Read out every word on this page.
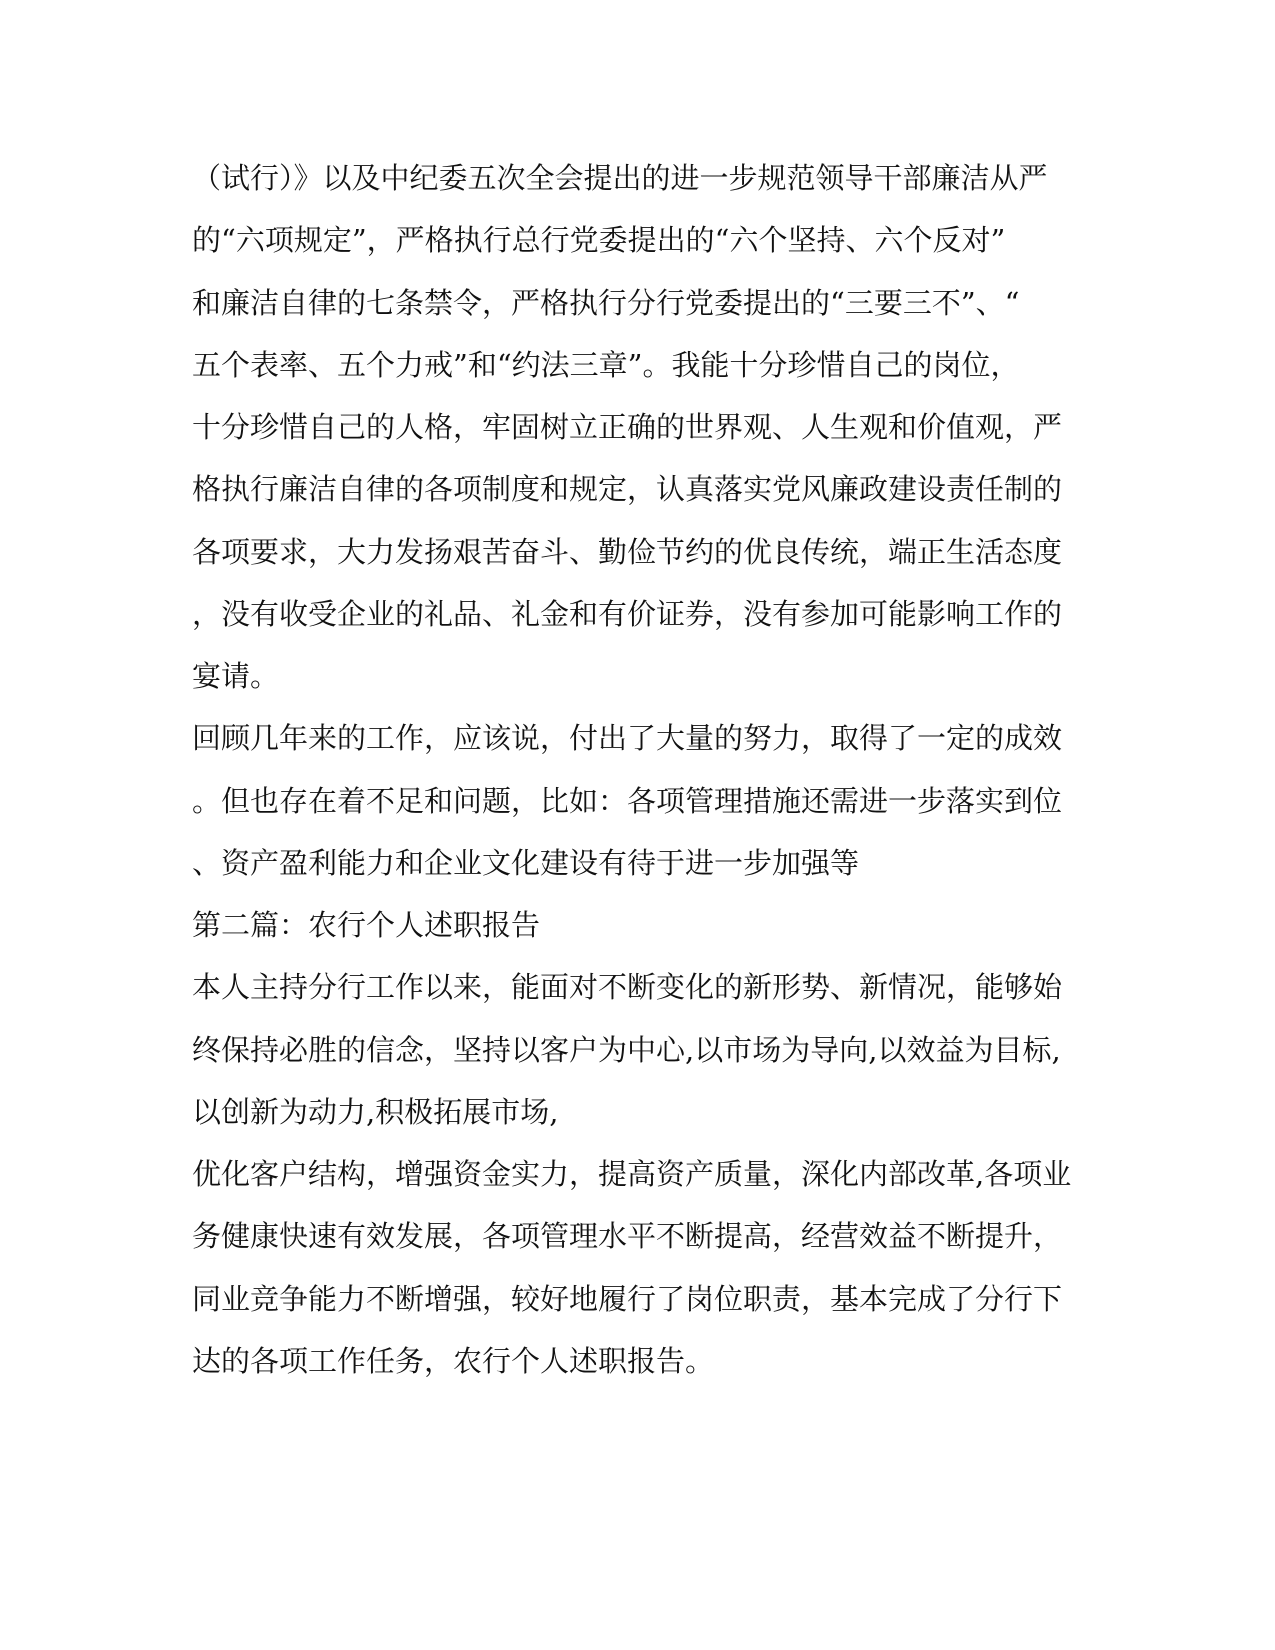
（试行）》以及中纪委五次全会提出的进一步规范领导干部廉洁从严
的“六项规定”，严格执行总行党委提出的“六个坚持、六个反对”
和廉洁自律的七条禁令，严格执行分行党委提出的“三要三不”、“
五个表率、五个力戒”和“约法三章”。我能十分珍惜自己的岗位，
十分珍惜自己的人格，牢固树立正确的世界观、人生观和价值观，严
格执行廉洁自律的各项制度和规定，认真落实党风廉政建设责任制的
各项要求，大力发扬艰苦奋斗、勤俭节约的优良传统，端正生活态度
，没有收受企业的礼品、礼金和有价证券，没有参加可能影响工作的
宴请。
回顾几年来的工作，应该说，付出了大量的努力，取得了一定的成效
。但也存在着不足和问题，比如：各项管理措施还需进一步落实到位
、资产盈利能力和企业文化建设有待于进一步加强等
第二篇：农行个人述职报告
本人主持分行工作以来，能面对不断变化的新形势、新情况，能够始
终保持必胜的信念，坚持以客户为中心,以市场为导向,以效益为目标,
以创新为动力,积极拓展市场,
优化客户结构，增强资金实力，提高资产质量，深化内部改革,各项业
务健康快速有效发展，各项管理水平不断提高，经营效益不断提升，
同业竞争能力不断增强，较好地履行了岗位职责，基本完成了分行下
达的各项工作任务，农行个人述职报告。
